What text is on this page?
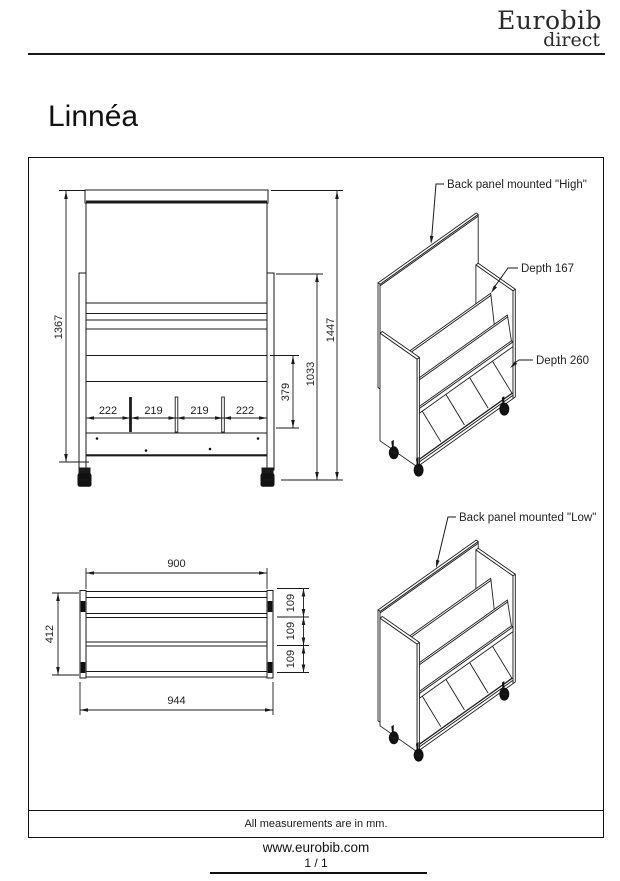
Eurobib
direct
Linnéa
All measurements are in mm.
1367	1447
1033
379
222 219	219 222
900
944
412
109
109
109
Back panel mounted "High"
Depth 167
Depth 260
Back panel mounted "Low"
www.eurobib.com
1 / 1
